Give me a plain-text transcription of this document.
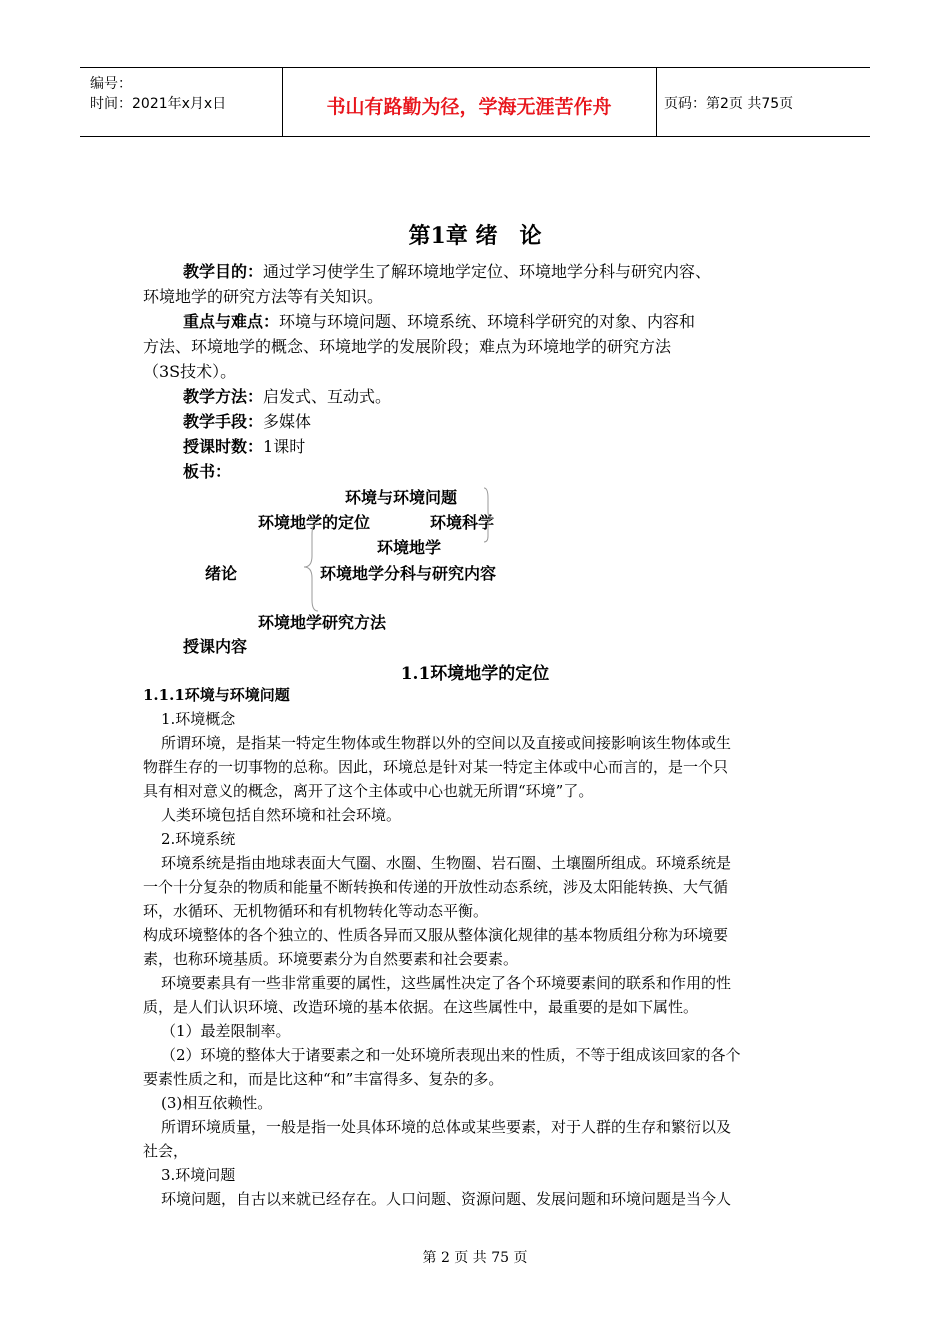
编号：
时间：2021年x月x日	书山有路勤为径，学海无涯苦作舟	页码：第2页 共75页
第1章 绪　论
教学目的：通过学习使学生了解环境地学定位、环境地学分科与研究内容、
环境地学的研究方法等有关知识。
重点与难点：环境与环境问题、环境系统、环境科学研究的对象、内容和
方法、环境地学的概念、环境地学的发展阶段；难点为环境地学的研究方法
（3S技术）。
教学方法：启发式、互动式。
教学手段：多媒体
授课时数：1课时
板书：
环境与环境问题
环境地学的定位	环境科学
环境地学
绪论	环境地学分科与研究内容
环境地学研究方法
授课内容
1.1环境地学的定位
1.1.1环境与环境问题
1.环境概念
所谓环境，是指某一特定生物体或生物群以外的空间以及直接或间接影响该生物体或生
物群生存的一切事物的总称。因此，环境总是针对某一特定主体或中心而言的，是一个只
具有相对意义的概念，离开了这个主体或中心也就无所谓“环境”了。
人类环境包括自然环境和社会环境。
2.环境系统
环境系统是指由地球表面大气圈、水圈、生物圈、岩石圈、土壤圈所组成。环境系统是
一个十分复杂的物质和能量不断转换和传递的开放性动态系统，涉及太阳能转换、大气循
环，水循环、无机物循环和有机物转化等动态平衡。
构成环境整体的各个独立的、性质各异而又服从整体演化规律的基本物质组分称为环境要
素，也称环境基质。环境要素分为自然要素和社会要素。
环境要素具有一些非常重要的属性，这些属性决定了各个环境要素间的联系和作用的性
质，是人们认识环境、改造环境的基本依据。在这些属性中，最重要的是如下属性。
（1）最差限制率。
（2）环境的整体大于诸要素之和一处环境所表现出来的性质，不等于组成该回家的各个
要素性质之和，而是比这种“和”丰富得多、复杂的多。
(3)相互依赖性。
所谓环境质量，一般是指一处具体环境的总体或某些要素，对于人群的生存和繁衍以及
社会，
3.环境问题
环境问题，自古以来就已经存在。人口问题、资源问题、发展问题和环境问题是当今人
第 2 页 共 75 页
